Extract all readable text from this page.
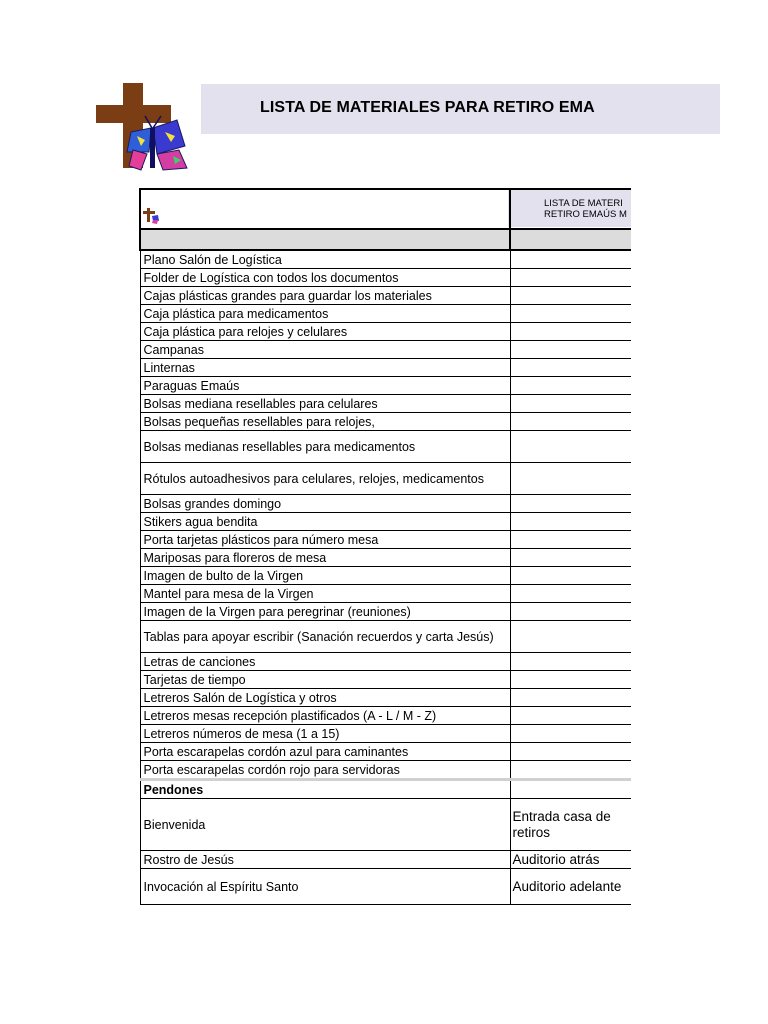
LISTA DE MATERIALES PARA RETIRO EMA
LISTA DE MATERI
RETIRO EMAÚS M

Plano Salón de Logística	
Folder de Logística con todos los documentos	
Cajas plásticas grandes para guardar los materiales	
Caja plástica para medicamentos	
Caja plástica para relojes y celulares	
Campanas	
Linternas	
Paraguas Emaús	
Bolsas mediana resellables para celulares	
Bolsas pequeñas resellables para relojes,	
Bolsas medianas resellables para medicamentos	
Rótulos autoadhesivos para celulares, relojes, medicamentos	
Bolsas grandes domingo	
Stikers agua bendita	
Porta tarjetas plásticos para número mesa	
Mariposas para floreros de mesa	
Imagen de bulto de la Virgen	
Mantel para mesa de la Virgen	
Imagen de la Virgen para peregrinar (reuniones)	
Tablas para apoyar escribir (Sanación recuerdos y carta Jesús)	
Letras de canciones	
Tarjetas de tiempo	
Letreros Salón de Logística y otros	
Letreros mesas recepción plastificados (A - L / M - Z)	
Letreros números de mesa (1 a 15)	
Porta escarapelas cordón azul para caminantes	
Porta escarapelas cordón rojo para servidoras	
Pendones	
Bienvenida	Entrada casa de retiros
Rostro de Jesús	Auditorio atrás
Invocación al Espíritu Santo	Auditorio adelante
